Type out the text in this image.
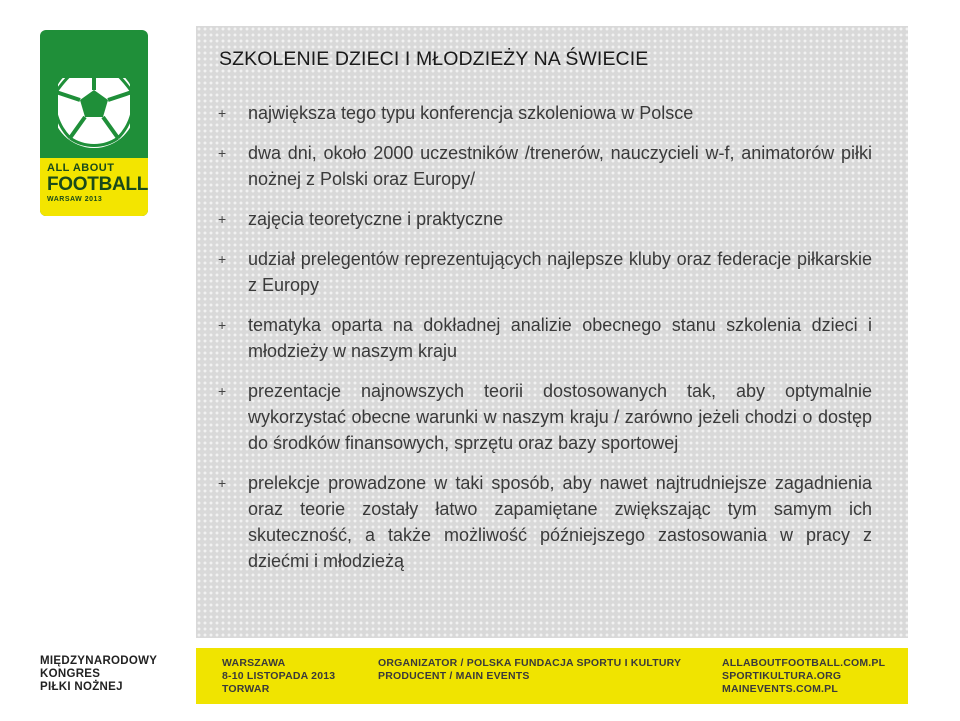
ALL ABOUT
FOOTBALL
WARSAW 2013
SZKOLENIE DZIECI I MŁODZIEŻY NA ŚWIECIE
+ największa tego typu konferencja szkoleniowa w Polsce
+ dwa dni, około 2000 uczestników /trenerów, nauczycieli w-f, animatorów piłki nożnej z Polski oraz Europy/
+ zajęcia teoretyczne i praktyczne
+ udział prelegentów reprezentujących najlepsze kluby oraz federacje piłkarskie z Europy
+ tematyka oparta na dokładnej analizie obecnego stanu szkolenia dzieci i młodzieży w naszym kraju
+ prezentacje najnowszych teorii dostosowanych tak, aby optymalnie wykorzystać obecne warunki w naszym kraju / zarówno jeżeli chodzi o dostęp do środków finansowych, sprzętu oraz bazy sportowej
+ prelekcje prowadzone w taki sposób, aby nawet najtrudniejsze zagadnienia oraz teorie zostały łatwo zapamiętane zwiększając tym samym ich skuteczność, a także możliwość późniejszego zastosowania w pracy z dziećmi i młodzieżą
MIĘDZYNARODOWY
KONGRES
PIŁKI NOŻNEJ
WARSZAWA
8-10 LISTOPADA 2013
TORWAR
ORGANIZATOR / POLSKA FUNDACJA SPORTU I KULTURY
PRODUCENT / MAIN EVENTS
ALLABOUTFOOTBALL.COM.PL
SPORTIKULTURA.ORG
MAINEVENTS.COM.PL
